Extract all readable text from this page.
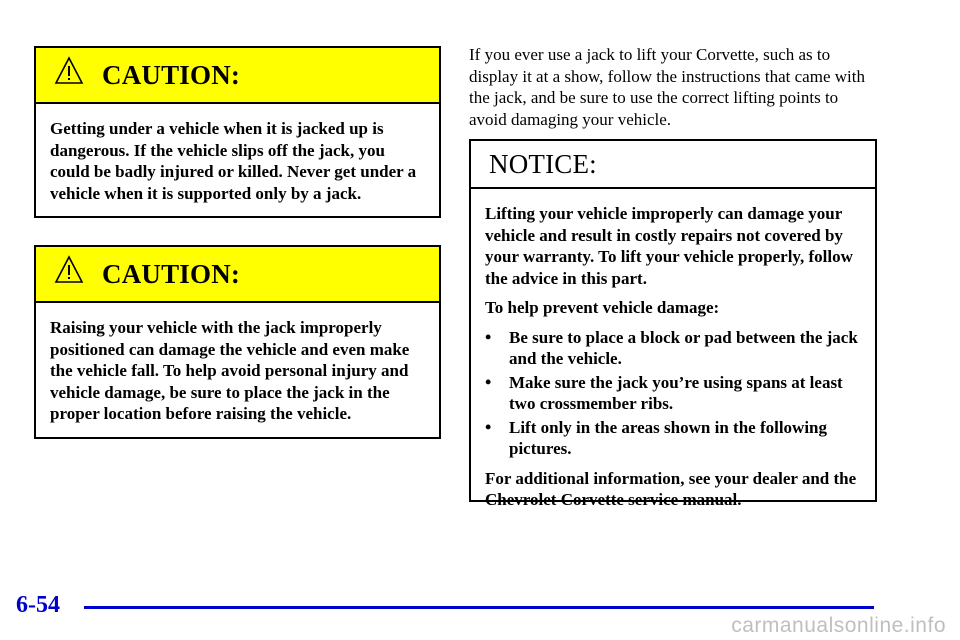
CAUTION:

Getting under a vehicle when it is jacked up is dangerous. If the vehicle slips off the jack, you could be badly injured or killed. Never get under a vehicle when it is supported only by a jack.

CAUTION:

Raising your vehicle with the jack improperly positioned can damage the vehicle and even make the vehicle fall. To help avoid personal injury and vehicle damage, be sure to place the jack in the proper location before raising the vehicle.

If you ever use a jack to lift your Corvette, such as to display it at a show, follow the instructions that came with the jack, and be sure to use the correct lifting points to avoid damaging your vehicle.

NOTICE:

Lifting your vehicle improperly can damage your vehicle and result in costly repairs not covered by your warranty. To lift your vehicle properly, follow the advice in this part.

To help prevent vehicle damage:

•	Be sure to place a block or pad between the jack and the vehicle.
•	Make sure the jack you’re using spans at least two crossmember ribs.
•	Lift only in the areas shown in the following pictures.

For additional information, see your dealer and the Chevrolet Corvette service manual.

6-54
carmanualsonline.info
